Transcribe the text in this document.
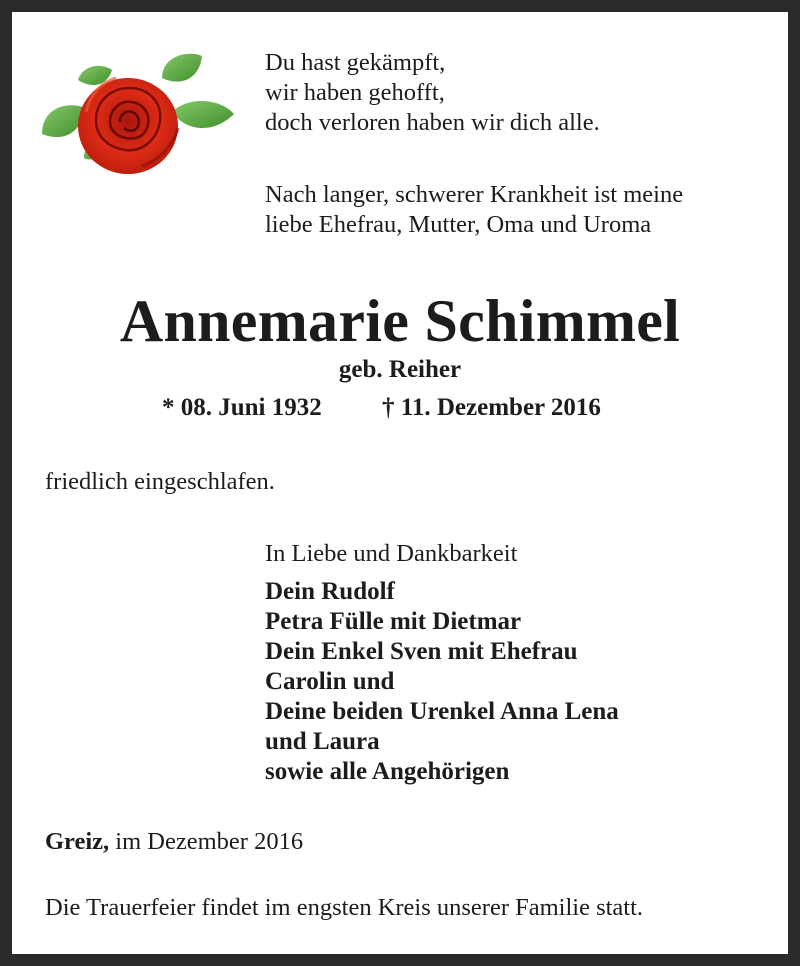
Du hast gekämpft,
wir haben gehofft,
doch verloren haben wir dich alle.
Nach langer, schwerer Krankheit ist meine
liebe Ehefrau, Mutter, Oma und Uroma
Annemarie Schimmel
geb. Reiher
* 08. Juni 1932 † 11. Dezember 2016
friedlich eingeschlafen.
In Liebe und Dankbarkeit
Dein Rudolf
Petra Fülle mit Dietmar
Dein Enkel Sven mit Ehefrau
Carolin und
Deine beiden Urenkel Anna Lena
und Laura
sowie alle Angehörigen
Greiz, im Dezember 2016
Die Trauerfeier findet im engsten Kreis unserer Familie statt.
